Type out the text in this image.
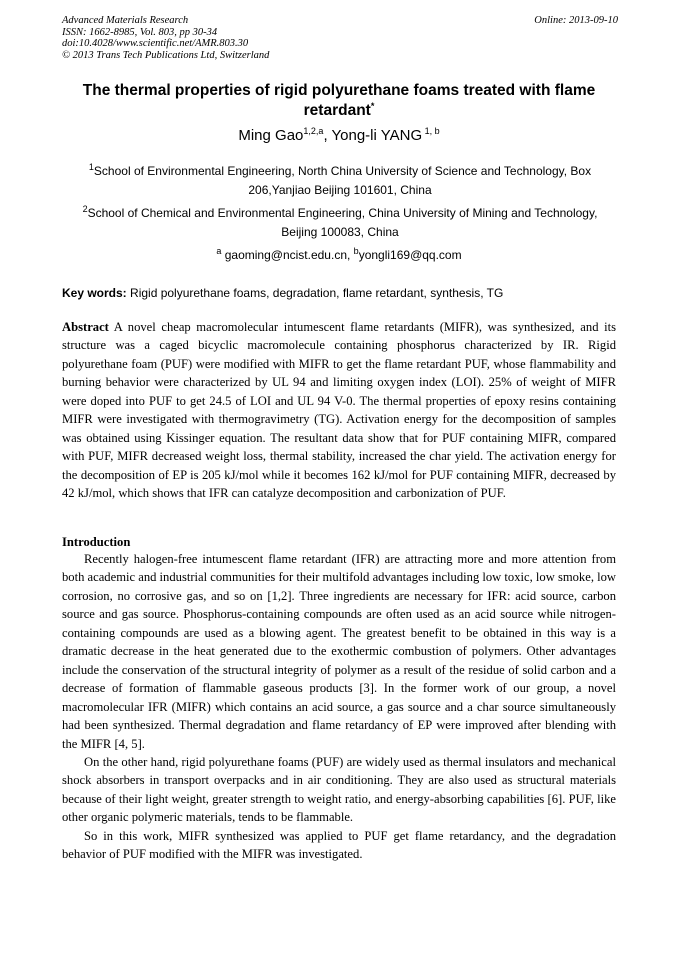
Advanced Materials Research
ISSN: 1662-8985, Vol. 803, pp 30-34
doi:10.4028/www.scientific.net/AMR.803.30
© 2013 Trans Tech Publications Ltd, Switzerland
Online: 2013-09-10
The thermal properties of rigid polyurethane foams treated with flame retardant*
Ming Gao$^{1,2,a}$, Yong-li YANG $^{1, b}$
$^1$School of Environmental Engineering, North China University of Science and Technology, Box 206,Yanjiao Beijing 101601, China
$^2$School of Chemical and Environmental Engineering, China University of Mining and Technology, Beijing 100083, China
$^a$ gaoming@ncist.edu.cn, $^b$yongli169@qq.com
Key words: Rigid polyurethane foams, degradation, flame retardant, synthesis, TG
Abstract A novel cheap macromolecular intumescent flame retardants (MIFR), was synthesized, and its structure was a caged bicyclic macromolecule containing phosphorus characterized by IR. Rigid polyurethane foam (PUF) were modified with MIFR to get the flame retardant PUF, whose flammability and burning behavior were characterized by UL 94 and limiting oxygen index (LOI). 25% of weight of MIFR were doped into PUF to get 24.5 of LOI and UL 94 V-0. The thermal properties of epoxy resins containing MIFR were investigated with thermogravimetry (TG). Activation energy for the decomposition of samples was obtained using Kissinger equation. The resultant data show that for PUF containing MIFR, compared with PUF, MIFR decreased weight loss, thermal stability, increased the char yield. The activation energy for the decomposition of EP is 205 kJ/mol while it becomes 162 kJ/mol for PUF containing MIFR, decreased by 42 kJ/mol, which shows that IFR can catalyze decomposition and carbonization of PUF.
Introduction

Recently halogen-free intumescent flame retardant (IFR) are attracting more and more attention from both academic and industrial communities for their multifold advantages including low toxic, low smoke, low corrosion, no corrosive gas, and so on [1,2]. Three ingredients are necessary for IFR: acid source, carbon source and gas source. Phosphorus-containing compounds are often used as an acid source while nitrogen-containing compounds are used as a blowing agent. The greatest benefit to be obtained in this way is a dramatic decrease in the heat generated due to the exothermic combustion of polymers. Other advantages include the conservation of the structural integrity of polymer as a result of the residue of solid carbon and a decrease of formation of flammable gaseous products [3]. In the former work of our group, a novel macromolecular IFR (MIFR) which contains an acid source, a gas source and a char source simultaneously had been synthesized. Thermal degradation and flame retardancy of EP were improved after blending with the MIFR [4, 5].

On the other hand, rigid polyurethane foams (PUF) are widely used as thermal insulators and mechanical shock absorbers in transport overpacks and in air conditioning. They are also used as structural materials because of their light weight, greater strength to weight ratio, and energy-absorbing capabilities [6]. PUF, like other organic polymeric materials, tends to be flammable.

So in this work, MIFR synthesized was applied to PUF get flame retardancy, and the degradation behavior of PUF modified with the MIFR was investigated.
